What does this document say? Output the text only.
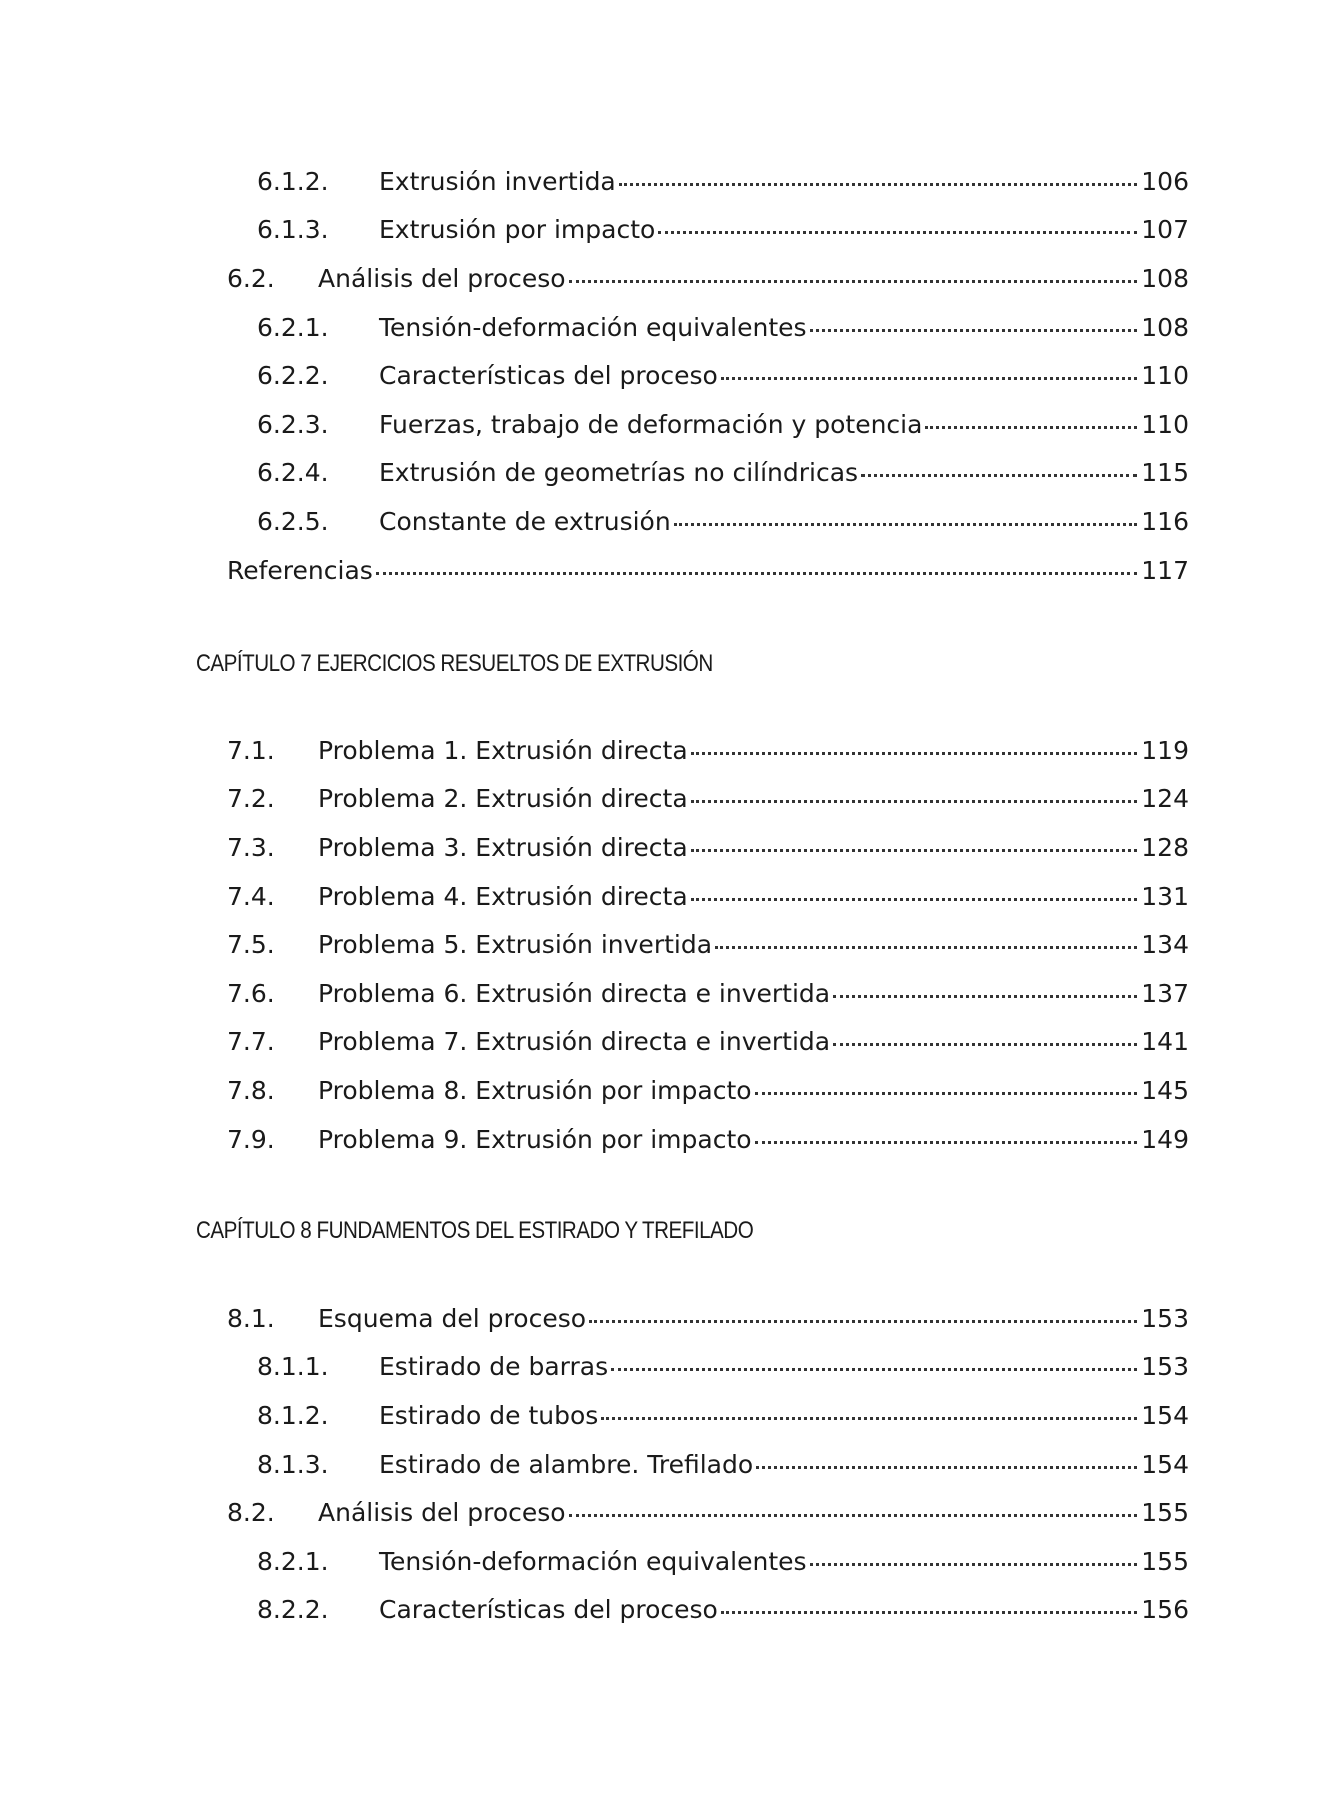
6.1.2. Extrusión invertida	106
6.1.3. Extrusión por impacto	107
6.2. Análisis del proceso	108
6.2.1. Tensión-deformación equivalentes	108
6.2.2. Características del proceso	110
6.2.3. Fuerzas, trabajo de deformación y potencia	110
6.2.4. Extrusión de geometrías no cilíndricas	115
6.2.5. Constante de extrusión	116
Referencias	117
CAPÍTULO 7 EJERCICIOS RESUELTOS DE EXTRUSIÓN
7.1. Problema 1. Extrusión directa	119
7.2. Problema 2. Extrusión directa	124
7.3. Problema 3. Extrusión directa	128
7.4. Problema 4. Extrusión directa	131
7.5. Problema 5. Extrusión invertida	134
7.6. Problema 6. Extrusión directa e invertida	137
7.7. Problema 7. Extrusión directa e invertida	141
7.8. Problema 8. Extrusión por impacto	145
7.9. Problema 9. Extrusión por impacto	149
CAPÍTULO 8 FUNDAMENTOS DEL ESTIRADO Y TREFILADO
8.1. Esquema del proceso	153
8.1.1. Estirado de barras	153
8.1.2. Estirado de tubos	154
8.1.3. Estirado de alambre. Trefilado	154
8.2. Análisis del proceso	155
8.2.1. Tensión-deformación equivalentes	155
8.2.2. Características del proceso	156
